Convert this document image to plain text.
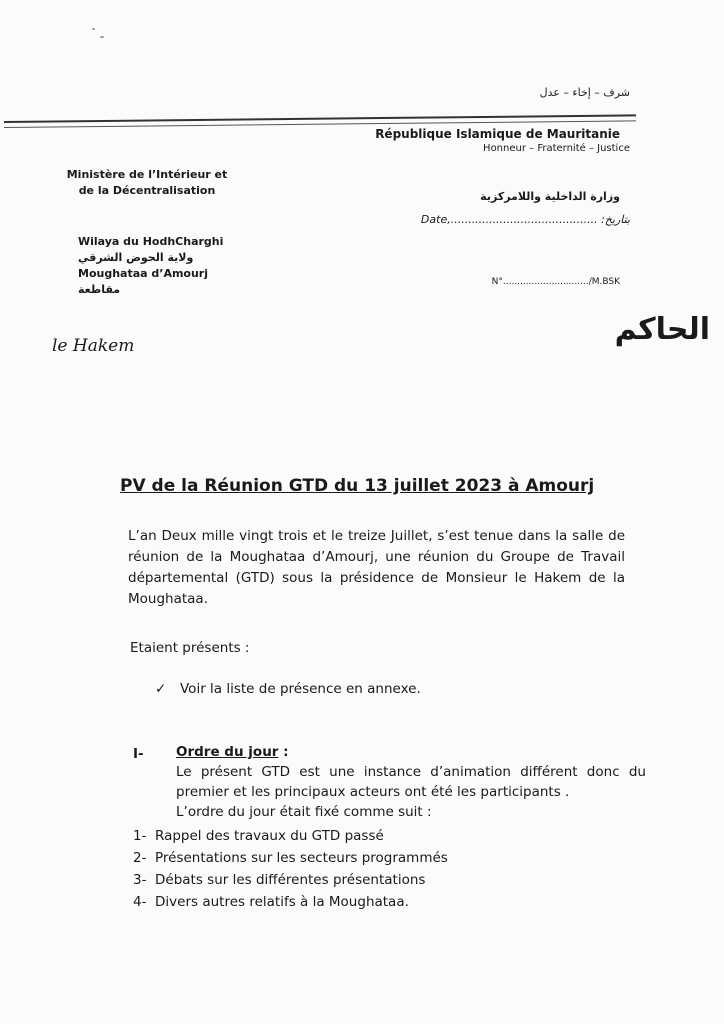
شرف – إخاء – عدل
République Islamique de Mauritanie
Honneur – Fraternité – Justice
Ministère de l’Intérieur et
de la Décentralisation	وزارة الداخلية واللامركزية
Date,.......................................... :بتاريخ
Wilaya du HodhCharghi
ولاية الحوض الشرقي
Moughataa d’Amourj
مقاطعة
N°............................../M.BSK
الحاكم
le Hakem
PV de la Réunion GTD du 13 juillet 2023 à Amourj
L’an Deux mille vingt trois et le treize Juillet, s’est tenue dans la salle de réunion de la Moughataa d’Amourj, une réunion du Groupe de Travail départemental (GTD) sous la présidence de Monsieur le Hakem de la Moughataa.
Etaient présents :
✓ Voir la liste de présence en annexe.
I- Ordre du jour :
Le présent GTD est une instance d’animation différent donc du premier et les principaux acteurs ont été les participants .
L’ordre du jour était fixé comme suit :
1- Rappel des travaux du GTD passé
2- Présentations sur les secteurs programmés
3- Débats sur les différentes présentations
4- Divers autres relatifs à la Moughataa.
